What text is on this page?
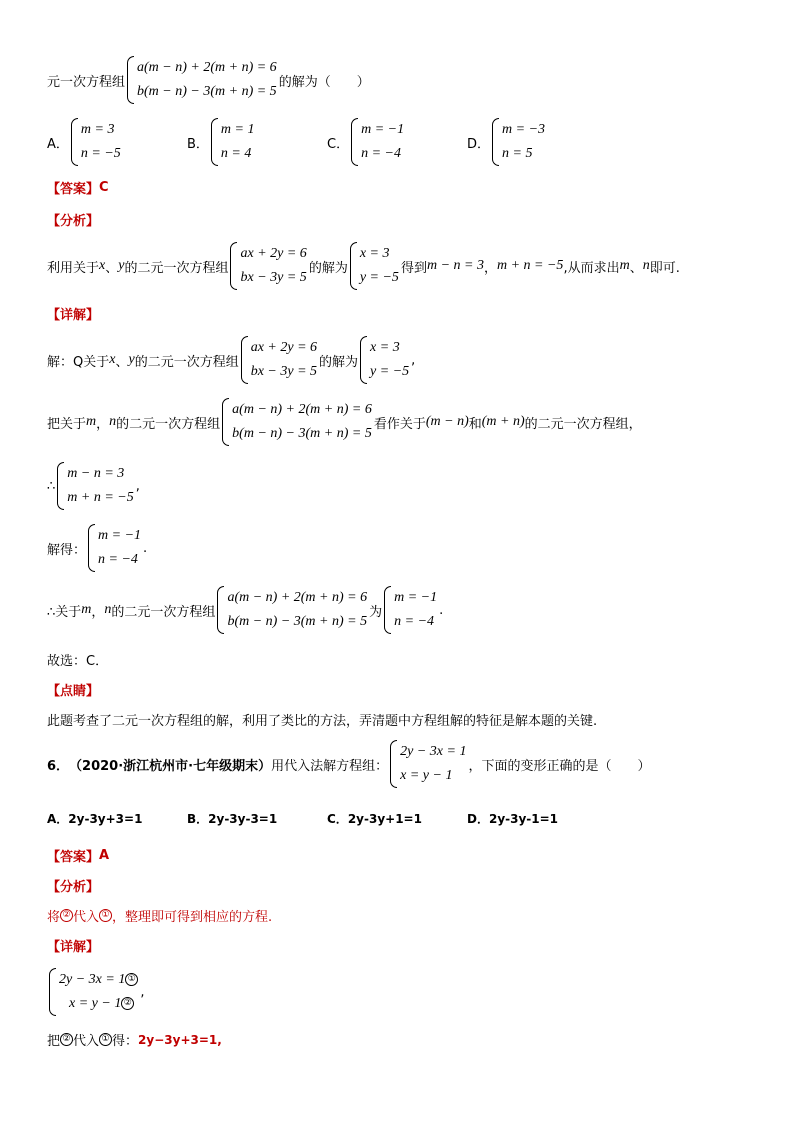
元一次方程组
a(m − n) + 2(m + n) = 6
b(m − n) − 3(m + n) = 5
的解为（　　）
A．
m = 3
n = −5
B．
m = 1
n = 4
C．
m = −1
n = −4
D．
m = −3
n = 5
【答案】 C
【分析】
利用关于 x 、 y 的二元一次方程组
ax + 2y = 6
bx − 3y = 5
的解为
x = 3
y = −5
得到 m − n = 3 ， m + n = −5 ,从而求出 m 、 n 即可.
【详解】
解：Q关于 x 、 y 的二元一次方程组
ax + 2y = 6
bx − 3y = 5
的解为
x = 3
y = −5
,
把关于 m ， n 的二元一次方程组
a(m − n) + 2(m + n) = 6
b(m − n) − 3(m + n) = 5
看作关于 (m − n) 和 (m + n) 的二元一次方程组，
∴
m − n = 3
m + n = −5
,
解得：
m = −1
n = −4
.
∴关于 m ， n 的二元一次方程组
a(m − n) + 2(m + n) = 6
b(m − n) − 3(m + n) = 5
为
m = −1
n = −4
.
故选：C．
【点睛】
此题考查了二元一次方程组的解，利用了类比的方法，弄清题中方程组解的特征是解本题的关键.
6． （2020·浙江杭州市·七年级期末） 用代入法解方程组：
2y − 3x = 1
x = y − 1
，下面的变形正确的是（　　）
A． 2y-3y+3=1	B． 2y-3y-3=1	C． 2y-3y+1=1	D． 2y-3y-1=1
【答案】 A
【分析】
将 ② 代入 ① ，整理即可得到相应的方程.
【详解】
2y − 3x = 1 ①
x = y − 1 ②
,
把 ② 代入 ① 得： 2y−3y+3=1,
